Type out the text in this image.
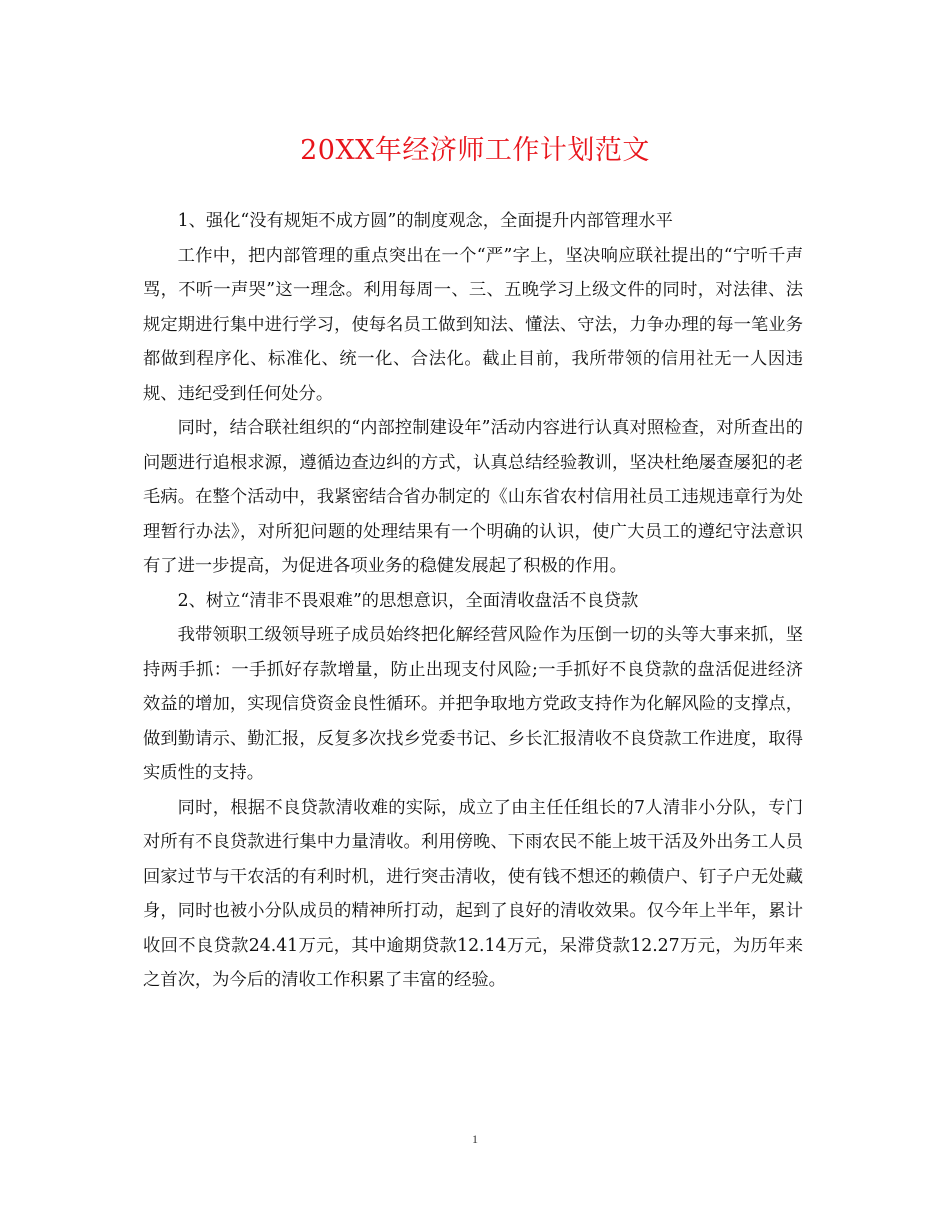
20XX年经济师工作计划范文

1、强化“没有规矩不成方圆”的制度观念，全面提升内部管理水平

工作中，把内部管理的重点突出在一个“严”字上，坚决响应联社提出的“宁听千声骂，不听一声哭”这一理念。利用每周一、三、五晚学习上级文件的同时，对法律、法规定期进行集中进行学习，使每名员工做到知法、懂法、守法，力争办理的每一笔业务都做到程序化、标准化、统一化、合法化。截止目前，我所带领的信用社无一人因违规、违纪受到任何处分。

同时，结合联社组织的“内部控制建设年”活动内容进行认真对照检查，对所查出的问题进行追根求源，遵循边查边纠的方式，认真总结经验教训，坚决杜绝屡查屡犯的老毛病。在整个活动中，我紧密结合省办制定的《山东省农村信用社员工违规违章行为处理暂行办法》，对所犯问题的处理结果有一个明确的认识，使广大员工的遵纪守法意识有了进一步提高，为促进各项业务的稳健发展起了积极的作用。

2、树立“清非不畏艰难”的思想意识，全面清收盘活不良贷款

我带领职工级领导班子成员始终把化解经营风险作为压倒一切的头等大事来抓，坚持两手抓：一手抓好存款增量，防止出现支付风险;一手抓好不良贷款的盘活促进经济效益的增加，实现信贷资金良性循环。并把争取地方党政支持作为化解风险的支撑点，做到勤请示、勤汇报，反复多次找乡党委书记、乡长汇报清收不良贷款工作进度，取得实质性的支持。

同时，根据不良贷款清收难的实际，成立了由主任任组长的7人清非小分队，专门对所有不良贷款进行集中力量清收。利用傍晚、下雨农民不能上坡干活及外出务工人员回家过节与干农活的有利时机，进行突击清收，使有钱不想还的赖债户、钉子户无处藏身，同时也被小分队成员的精神所打动，起到了良好的清收效果。仅今年上半年，累计收回不良贷款24.41万元，其中逾期贷款12.14万元，呆滞贷款12.27万元，为历年来之首次，为今后的清收工作积累了丰富的经验。

1
